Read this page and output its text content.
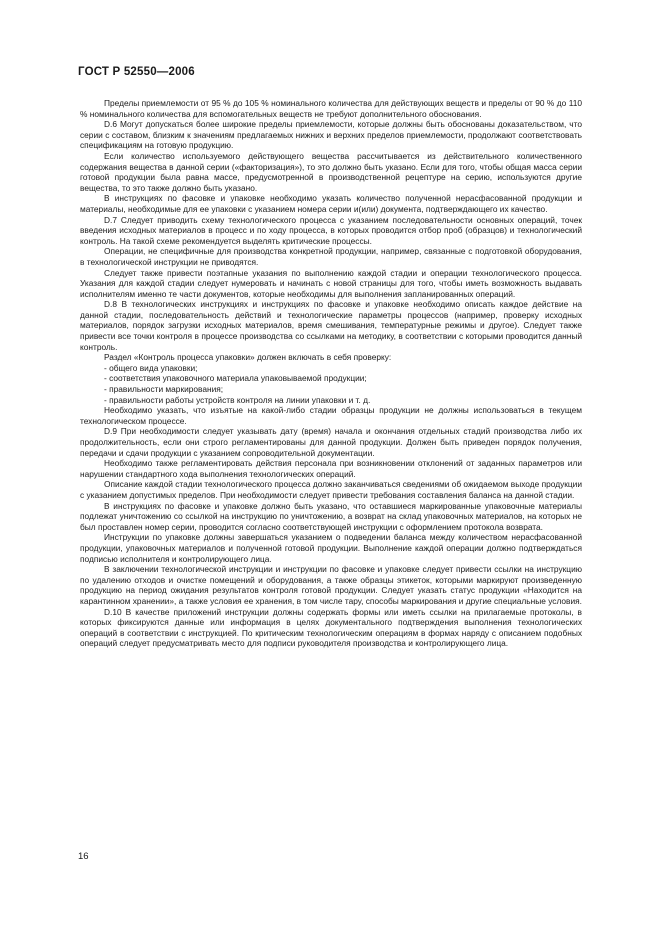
ГОСТ Р 52550—2006

Пределы приемлемости от 95 % до 105 % номинального количества для действующих веществ и пределы от 90 % до 110 % номинального количества для вспомогательных веществ не требуют дополнительного обоснования.

D.6 Могут допускаться более широкие пределы приемлемости, которые должны быть обоснованы доказательством, что серии с составом, близким к значениям предлагаемых нижних и верхних пределов приемлемости, продолжают соответствовать спецификациям на готовую продукцию.

Если количество используемого действующего вещества рассчитывается из действительного количественного содержания вещества в данной серии («факторизация»), то это должно быть указано. Если для того, чтобы общая масса серии готовой продукции была равна массе, предусмотренной в производственной рецептуре на серию, используются другие вещества, то это также должно быть указано.

В инструкциях по фасовке и упаковке необходимо указать количество полученной нерасфасованной продукции и материалы, необходимые для ее упаковки с указанием номера серии и(или) документа, подтверждающего их качество.

D.7 Следует приводить схему технологического процесса с указанием последовательности основных операций, точек введения исходных материалов в процесс и по ходу процесса, в которых проводится отбор проб (образцов) и технологический контроль. На такой схеме рекомендуется выделять критические процессы.

Операции, не специфичные для производства конкретной продукции, например, связанные с подготовкой оборудования, в технологической инструкции не приводятся.

Следует также привести поэтапные указания по выполнению каждой стадии и операции технологического процесса. Указания для каждой стадии следует нумеровать и начинать с новой страницы для того, чтобы иметь возможность выдавать исполнителям именно те части документов, которые необходимы для выполнения запланированных операций.

D.8 В технологических инструкциях и инструкциях по фасовке и упаковке необходимо описать каждое действие на данной стадии, последовательность действий и технологические параметры процессов (например, проверку исходных материалов, порядок загрузки исходных материалов, время смешивания, температурные режимы и другое). Следует также привести все точки контроля в процессе производства со ссылками на методику, в соответствии с которыми проводится данный контроль.

Раздел «Контроль процесса упаковки» должен включать в себя проверку:

- общего вида упаковки;

- соответствия упаковочного материала упаковываемой продукции;

- правильности маркирования;

- правильности работы устройств контроля на линии упаковки и т. д.

Необходимо указать, что изъятые на какой-либо стадии образцы продукции не должны использоваться в текущем технологическом процессе.

D.9 При необходимости следует указывать дату (время) начала и окончания отдельных стадий производства либо их продолжительность, если они строго регламентированы для данной продукции. Должен быть приведен порядок получения, передачи и сдачи продукции с указанием сопроводительной документации.

Необходимо также регламентировать действия персонала при возникновении отклонений от заданных параметров или нарушении стандартного хода выполнения технологических операций.

Описание каждой стадии технологического процесса должно заканчиваться сведениями об ожидаемом выходе продукции с указанием допустимых пределов. При необходимости следует привести требования составления баланса на данной стадии.

В инструкциях по фасовке и упаковке должно быть указано, что оставшиеся маркированные упаковочные материалы подлежат уничтожению со ссылкой на инструкцию по уничтожению, а возврат на склад упаковочных материалов, на которых не был проставлен номер серии, проводится согласно соответствующей инструкции с оформлением протокола возврата.

Инструкции по упаковке должны завершаться указанием о подведении баланса между количеством нерасфасованной продукции, упаковочных материалов и полученной готовой продукции. Выполнение каждой операции должно подтверждаться подписью исполнителя и контролирующего лица.

В заключении технологической инструкции и инструкции по фасовке и упаковке следует привести ссылки на инструкцию по удалению отходов и очистке помещений и оборудования, а также образцы этикеток, которыми маркируют произведенную продукцию на период ожидания результатов контроля готовой продукции. Следует указать статус продукции «Находится на карантинном хранении», а также условия ее хранения, в том числе тару, способы маркирования и другие специальные условия.

D.10 В качестве приложений инструкции должны содержать формы или иметь ссылки на прилагаемые протоколы, в которых фиксируются данные или информация в целях документального подтверждения выполнения технологических операций в соответствии с инструкцией. По критическим технологическим операциям в формах наряду с описанием подобных операций следует предусматривать место для подписи руководителя производства и контролирующего лица.

16
